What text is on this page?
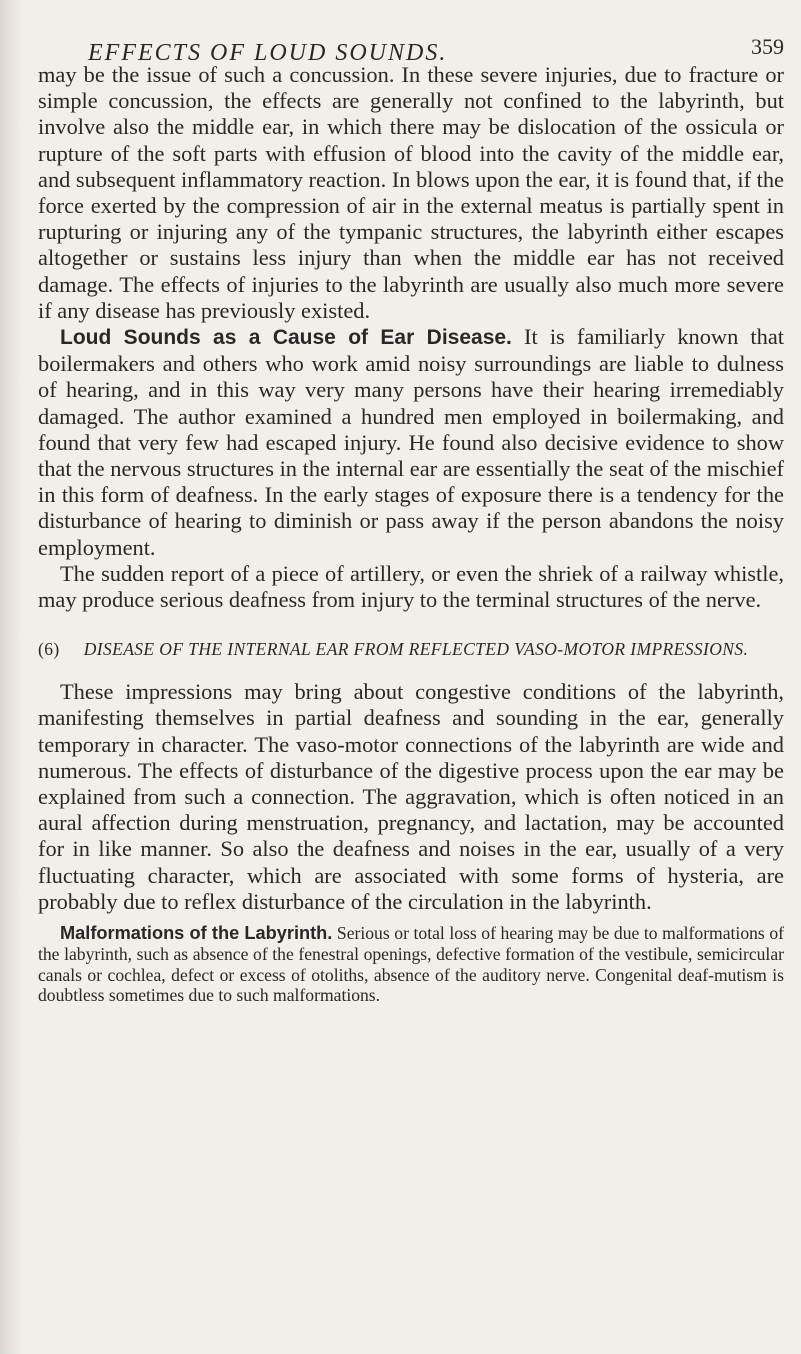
EFFECTS OF LOUD SOUNDS.	359

may be the issue of such a concussion. In these severe injuries, due to fracture or simple concussion, the effects are generally not confined to the labyrinth, but involve also the middle ear, in which there may be dislocation of the ossicula or rupture of the soft parts with effusion of blood into the cavity of the middle ear, and subsequent inflammatory reaction. In blows upon the ear, it is found that, if the force exerted by the compression of air in the external meatus is partially spent in rupturing or injuring any of the tympanic structures, the labyrinth either escapes altogether or sustains less injury than when the middle ear has not received damage. The effects of injuries to the labyrinth are usually also much more severe if any disease has previously existed.

Loud Sounds as a Cause of Ear Disease. It is familiarly known that boilermakers and others who work amid noisy surroundings are liable to dulness of hearing, and in this way very many persons have their hearing irremediably damaged. The author examined a hundred men employed in boilermaking, and found that very few had escaped injury. He found also decisive evidence to show that the nervous structures in the internal ear are essentially the seat of the mischief in this form of deafness. In the early stages of exposure there is a tendency for the disturbance of hearing to diminish or pass away if the person abandons the noisy employment.

The sudden report of a piece of artillery, or even the shriek of a railway whistle, may produce serious deafness from injury to the terminal structures of the nerve.

(6) DISEASE OF THE INTERNAL EAR FROM REFLECTED VASO-MOTOR IMPRESSIONS.

These impressions may bring about congestive conditions of the labyrinth, manifesting themselves in partial deafness and sounding in the ear, generally temporary in character. The vaso-motor connections of the labyrinth are wide and numerous. The effects of disturbance of the digestive process upon the ear may be explained from such a connection. The aggravation, which is often noticed in an aural affection during menstruation, pregnancy, and lactation, may be accounted for in like manner. So also the deafness and noises in the ear, usually of a very fluctuating character, which are associated with some forms of hysteria, are probably due to reflex disturbance of the circulation in the labyrinth.

Malformations of the Labyrinth. Serious or total loss of hearing may be due to malformations of the labyrinth, such as absence of the fenestral openings, defective formation of the vestibule, semicircular canals or cochlea, defect or excess of otoliths, absence of the auditory nerve. Congenital deaf-mutism is doubtless sometimes due to such malformations.
